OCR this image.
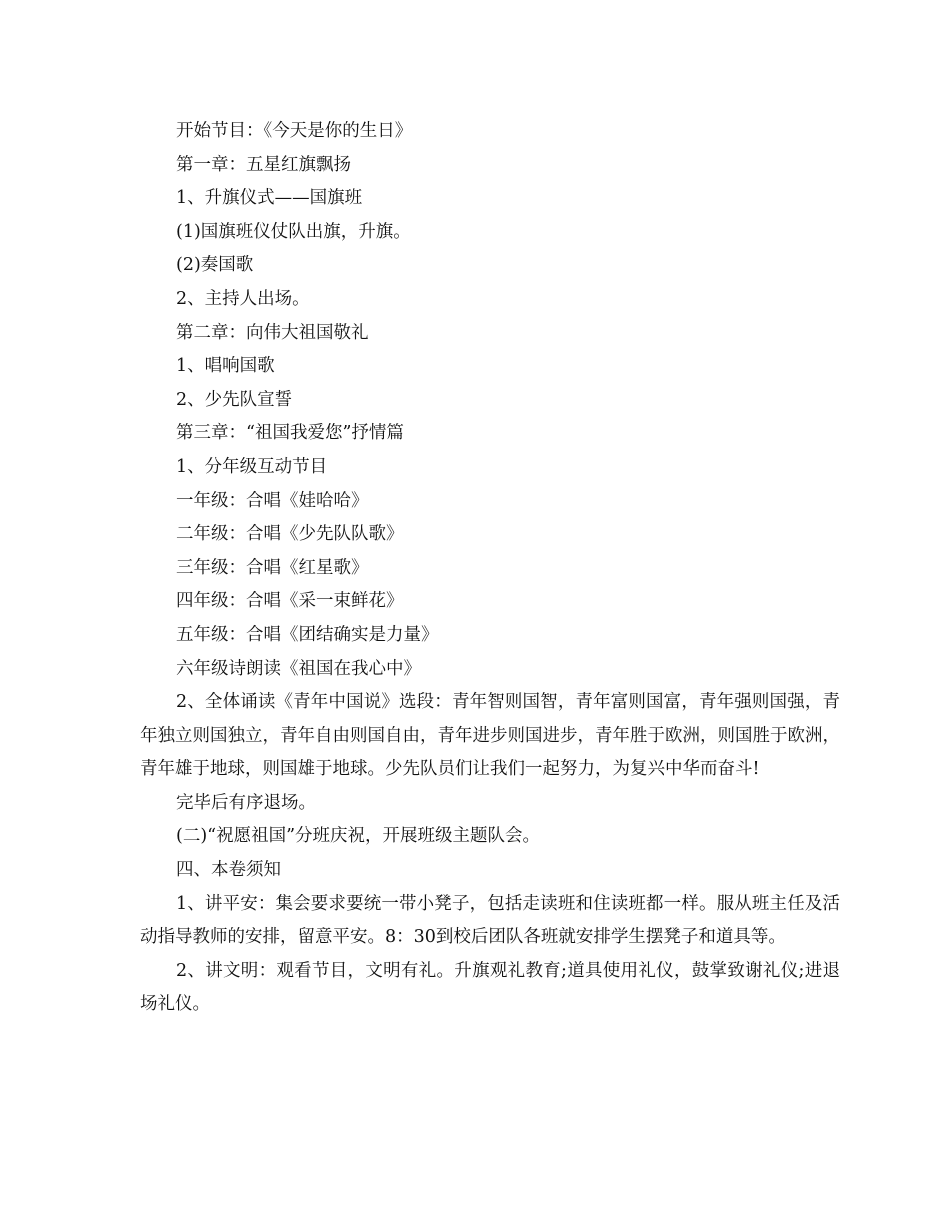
开始节目：《今天是你的生日》

第一章：五星红旗飘扬

1、升旗仪式——国旗班

(1)国旗班仪仗队出旗，升旗。

(2)奏国歌

2、主持人出场。

第二章：向伟大祖国敬礼

1、唱响国歌

2、少先队宣誓

第三章：“祖国我爱您”抒情篇

1、分年级互动节目

一年级：合唱《娃哈哈》

二年级：合唱《少先队队歌》

三年级：合唱《红星歌》

四年级：合唱《采一束鲜花》

五年级：合唱《团结确实是力量》

六年级诗朗读《祖国在我心中》

2、全体诵读《青年中国说》选段：青年智则国智，青年富则国富，青年强则国强，青年独立则国独立，青年自由则国自由，青年进步则国进步，青年胜于欧洲，则国胜于欧洲，青年雄于地球，则国雄于地球。少先队员们让我们一起努力，为复兴中华而奋斗!

完毕后有序退场。

(二)“祝愿祖国”分班庆祝，开展班级主题队会。

四、本卷须知

1、讲平安：集会要求要统一带小凳子，包括走读班和住读班都一样。服从班主任及活动指导教师的安排，留意平安。8：30到校后团队各班就安排学生摆凳子和道具等。

2、讲文明：观看节目，文明有礼。升旗观礼教育;道具使用礼仪，鼓掌致谢礼仪;进退场礼仪。
